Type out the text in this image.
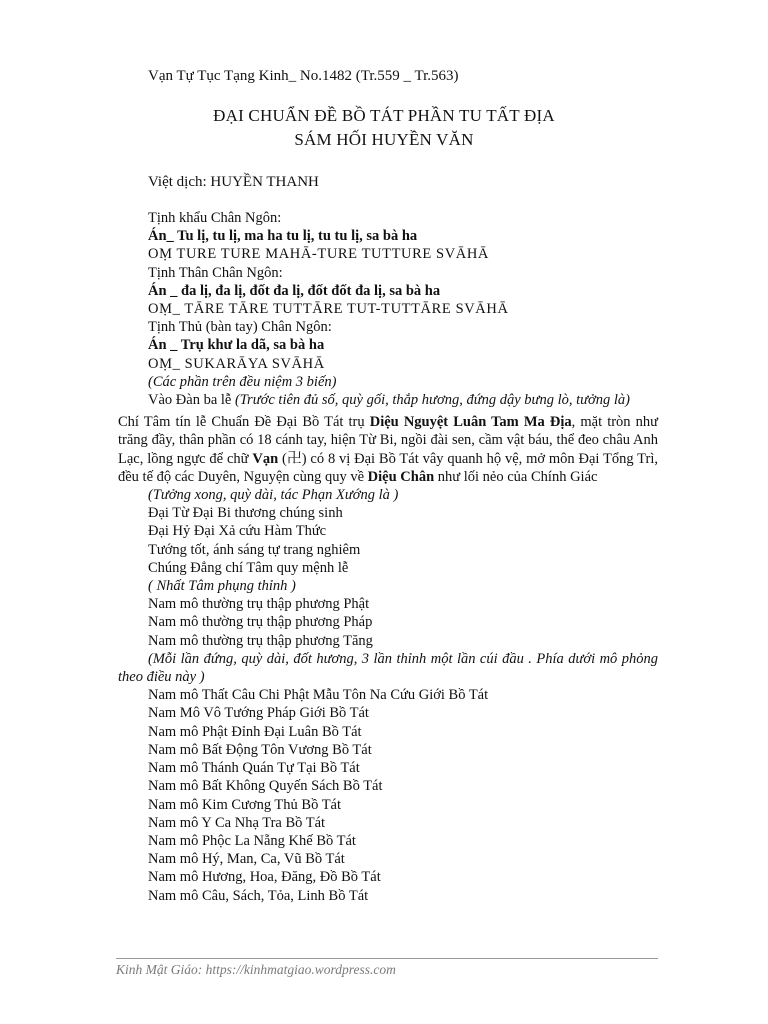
Vạn Tự Tục Tạng Kinh_ No.1482 (Tr.559 _ Tr.563)
ĐẠI CHUẨN ĐỀ BỒ TÁT PHẦN TU TẤT ĐỊA
SÁM HỐI HUYỀN VĂN
Việt dịch: HUYỀN THANH
Tịnh khẩu Chân Ngôn:
Án_ Tu lị, tu lị, ma ha tu lị, tu tu lị, sa bà ha
OṂ TURE TURE MAHĀ-TURE TUTTURE SVĀHĀ
Tịnh Thân Chân Ngôn:
Án _ đa lị, đa lị, đốt đa lị, đốt đốt đa lị, sa bà ha
OṂ_ TĀRE TĀRE TUTTĀRE TUT-TUTTĀRE SVĀHĀ
Tịnh Thủ (bàn tay) Chân Ngôn:
Án _ Trụ khư la dã, sa bà ha
OṂ_ SUKARĀYA SVĀHĀ
(Các phần trên đều niệm 3 biến)
Vào Đàn ba lễ (Trước tiên đủ số, quỳ gối, thắp hương, đứng dậy bưng lò, tưởng là)
Chí Tâm tín lễ Chuẩn Đề Đại Bồ Tát trụ Diệu Nguyệt Luân Tam Ma Địa, mặt tròn như trăng đầy, thân phần có 18 cánh tay, hiện Từ Bi, ngồi đài sen, cầm vật báu, thể đeo châu Anh Lạc, lồng ngực để chữ Vạn (卍) có 8 vị Đại Bồ Tát vây quanh hộ vệ, mở môn Đại Tổng Trì, đều tế độ các Duyên, Nguyện cùng quy về Diệu Chân như lối nẻo của Chính Giác
(Tưởng xong, quỳ dài, tác Phạn Xướng là )
Đại Từ Đại Bi thương chúng sinh
Đại Hỷ Đại Xả cứu Hàm Thức
Tướng tốt, ánh sáng tự trang nghiêm
Chúng Đẳng chí Tâm quy mệnh lễ
( Nhất Tâm phụng thỉnh )
Nam mô thường trụ thập phương Phật
Nam mô thường trụ thập phương Pháp
Nam mô thường trụ thập phương Tăng
(Mỗi lần đứng, quỳ dài, đốt hương, 3 lần thỉnh một lần cúi đầu . Phía dưới mô phỏng theo điều này )
Nam mô Thất Câu Chi Phật Mẫu Tôn Na Cứu Giới Bồ Tát
Nam Mô Vô Tướng Pháp Giới Bồ Tát
Nam mô Phật Đỉnh Đại Luân Bồ Tát
Nam mô Bất Động Tôn Vương Bồ Tát
Nam mô Thánh Quán Tự Tại Bồ Tát
Nam mô Bất Không Quyến Sách Bồ Tát
Nam mô Kim Cương Thủ Bồ Tát
Nam mô Y Ca Nhạ Tra Bồ Tát
Nam mô Phộc La Nẵng Khế Bồ Tát
Nam mô Hý, Man, Ca, Vũ Bồ Tát
Nam mô Hương, Hoa, Đăng, Đồ Bồ Tát
Nam mô Câu, Sách, Tỏa, Linh Bồ Tát
Kinh Mật Giáo: https://kinhmatgiao.wordpress.com
